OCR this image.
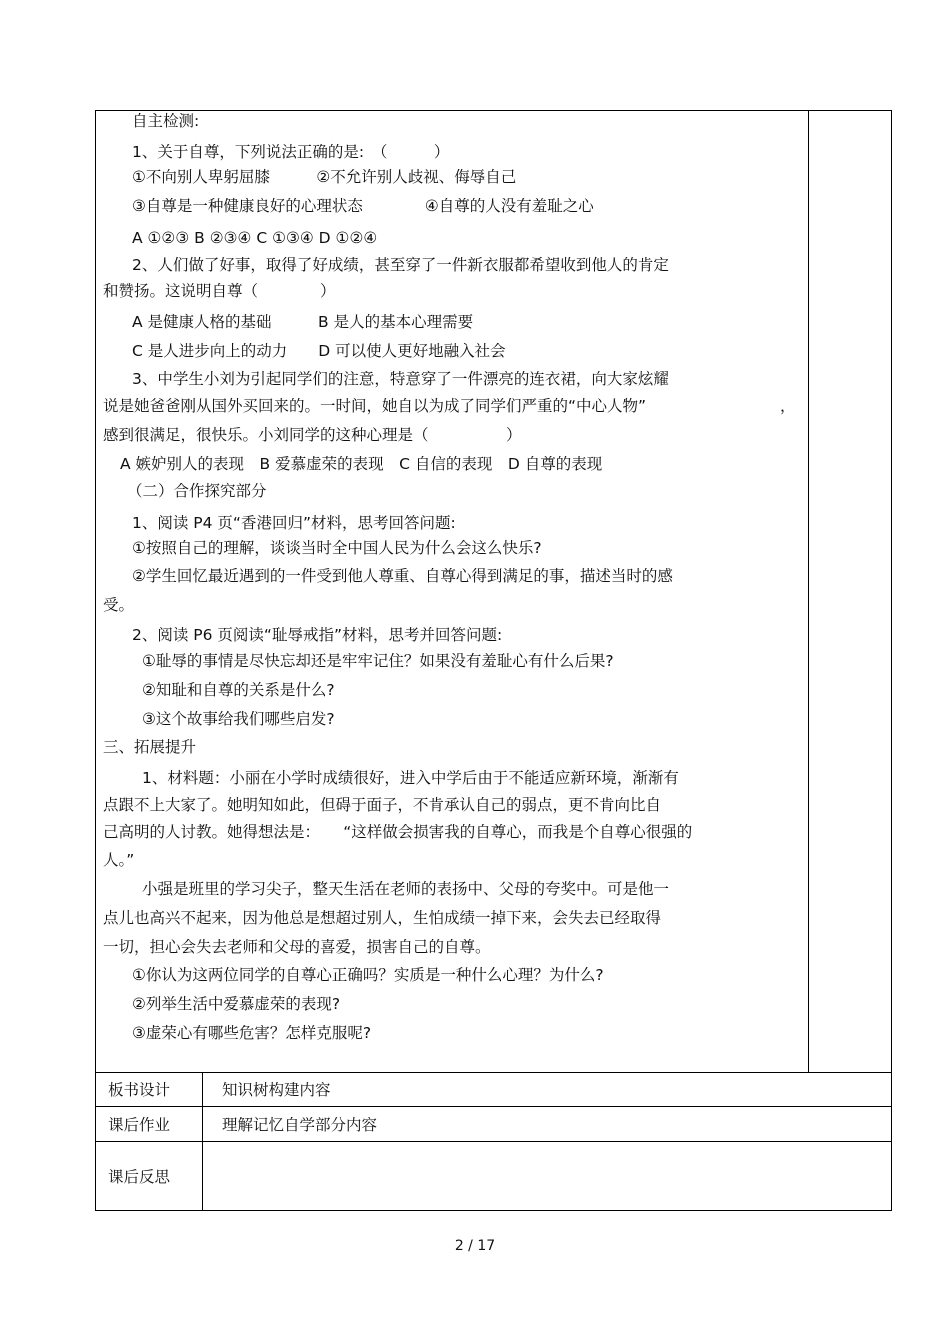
自主检测:
1、关于自尊，下列说法正确的是:　（　　　）
①不向别人卑躬屈膝　　　②不允许别人歧视、侮辱自己
③自尊是一种健康良好的心理状态　　　　④自尊的人没有羞耻之心
A ①②③ B ②③④ C ①③④ D ①②④
2、人们做了好事，取得了好成绩，甚至穿了一件新衣服都希望收到他人的肯定
和赞扬。这说明自尊（　　　　）
A 是健康人格的基础　　　B 是人的基本心理需要
C 是人进步向上的动力　　D 可以使人更好地融入社会
3、中学生小刘为引起同学们的注意，特意穿了一件漂亮的连衣裙，向大家炫耀
说是她爸爸刚从国外买回来的。一时间，她自以为成了同学们严重的“中心人物”	，
感到很满足，很快乐。小刘同学的这种心理是（　　　　　）
A 嫉妒别人的表现　B 爱慕虚荣的表现　C 自信的表现　D 自尊的表现
（二）合作探究部分
1、阅读 P4 页“香港回归”材料，思考回答问题:
①按照自己的理解，谈谈当时全中国人民为什么会这么快乐?
②学生回忆最近遇到的一件受到他人尊重、自尊心得到满足的事，描述当时的感
受。
2、阅读 P6 页阅读“耻辱戒指”材料，思考并回答问题:
①耻辱的事情是尽快忘却还是牢牢记住？如果没有羞耻心有什么后果?
②知耻和自尊的关系是什么?
③这个故事给我们哪些启发?
三、拓展提升
1、材料题：小丽在小学时成绩很好，进入中学后由于不能适应新环境，渐渐有
点跟不上大家了。她明知如此，但碍于面子，不肯承认自己的弱点，更不肯向比自
己高明的人讨教。她得想法是：　　“这样做会损害我的自尊心，而我是个自尊心很强的
人。”
小强是班里的学习尖子，整天生活在老师的表扬中、父母的夸奖中。可是他一
点儿也高兴不起来，因为他总是想超过别人，生怕成绩一掉下来，会失去已经取得
一切，担心会失去老师和父母的喜爱，损害自己的自尊。
①你认为这两位同学的自尊心正确吗？实质是一种什么心理？为什么?
②列举生活中爱慕虚荣的表现?
③虚荣心有哪些危害？怎样克服呢?
板书设计	知识树构建内容
课后作业	理解记忆自学部分内容
课后反思
2 / 17
